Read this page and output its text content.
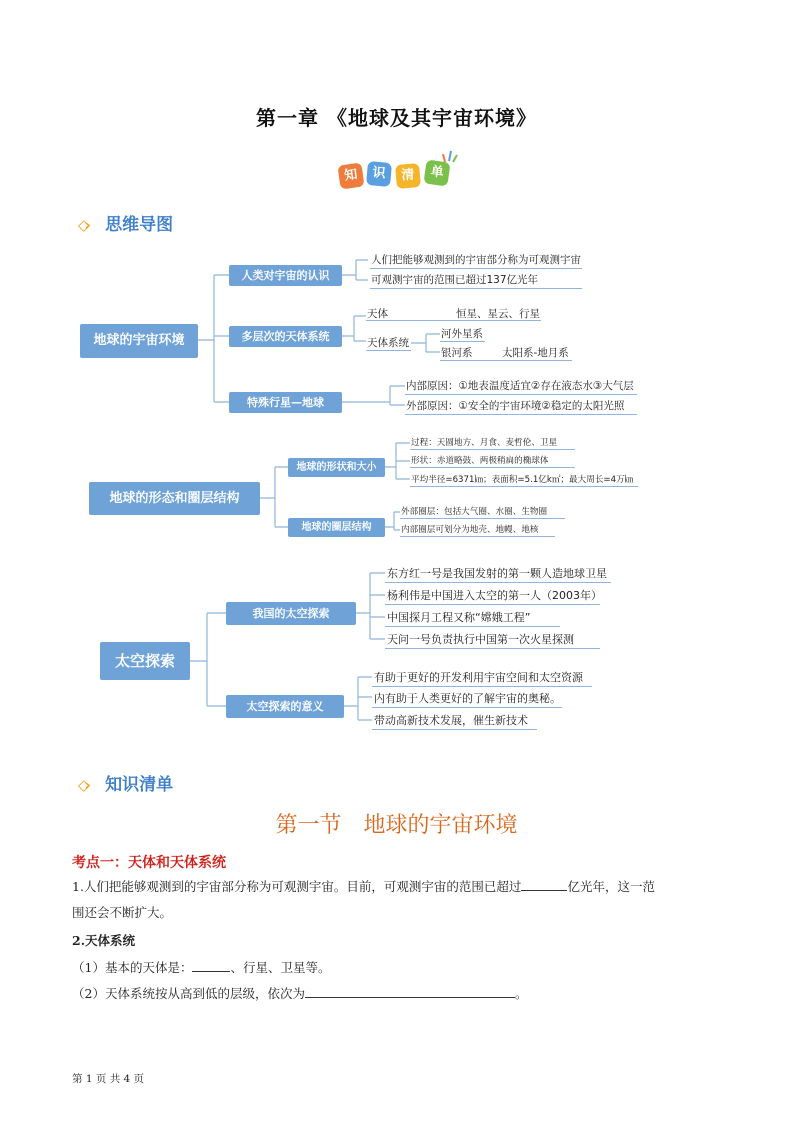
第一章 《地球及其宇宙环境》
知	识	清	单
◇› 思维导图
地球的宇宙环境
人类对宇宙的认识
多层次的天体系统
特殊行星—地球
人们把能够观测到的宇宙部分称为可观测宇宙
可观测宇宙的范围已超过137亿光年
天体	恒星、星云、行星
天体系统
河外星系
银河系	太阳系-地月系
内部原因：①地表温度适宜②存在液态水③大气层
外部原因：①安全的宇宙环境②稳定的太阳光照
地球的形态和圈层结构
地球的形状和大小
地球的圈层结构
过程：天圆地方、月食、麦哲伦、卫星
形状：赤道略鼓、两极稍扁的椭球体
平均半径=6371㎞；表面积=5.1亿k㎡；最大周长=4万㎞
外部圈层：包括大气圈、水圈、生物圈
内部圈层可划分为地壳、地幔、地核
太空探索
我国的太空探索
太空探索的意义
东方红一号是我国发射的第一颗人造地球卫星
杨利伟是中国进入太空的第一人（2003年）
中国探月工程又称“嫦娥工程”
天问一号负责执行中国第一次火星探测
有助于更好的开发利用宇宙空间和太空资源
内有助于人类更好的了解宇宙的奥秘。
带动高新技术发展，催生新技术
◇› 知识清单
第一节　地球的宇宙环境
考点一：天体和天体系统
1.人们把能够观测到的宇宙部分称为可观测宇宙。目前，可观测宇宙的范围已超过	亿光年，这一范
围还会不断扩大。
2.天体系统
（1）基本的天体是：	、行星、卫星等。
（2）天体系统按从高到低的层级，依次为	。
第 1 页 共 4 页
